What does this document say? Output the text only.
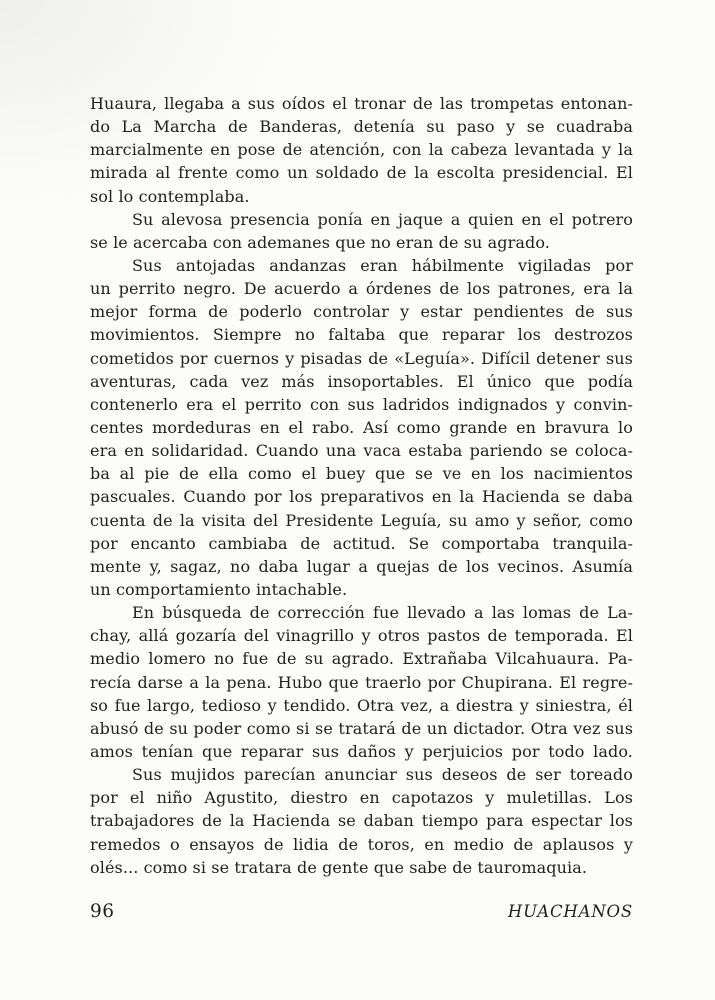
Huaura, llegaba a sus oídos el tronar de las trompetas entonan-
do La Marcha de Banderas, detenía su paso y se cuadraba
marcialmente en pose de atención, con la cabeza levantada y la
mirada al frente como un soldado de la escolta presidencial. El
sol lo contemplaba.
Su alevosa presencia ponía en jaque a quien en el potrero
se le acercaba con ademanes que no eran de su agrado.
Sus antojadas andanzas eran hábilmente vigiladas por
un perrito negro. De acuerdo a órdenes de los patrones, era la
mejor forma de poderlo controlar y estar pendientes de sus
movimientos. Siempre no faltaba que reparar los destrozos
cometidos por cuernos y pisadas de «Leguía». Difícil detener sus
aventuras, cada vez más insoportables. El único que podía
contenerlo era el perrito con sus ladridos indignados y convin-
centes mordeduras en el rabo. Así como grande en bravura lo
era en solidaridad. Cuando una vaca estaba pariendo se coloca-
ba al pie de ella como el buey que se ve en los nacimientos
pascuales. Cuando por los preparativos en la Hacienda se daba
cuenta de la visita del Presidente Leguía, su amo y señor, como
por encanto cambiaba de actitud. Se comportaba tranquila-
mente y, sagaz, no daba lugar a quejas de los vecinos. Asumía
un comportamiento intachable.
En búsqueda de corrección fue llevado a las lomas de La-
chay, allá gozaría del vinagrillo y otros pastos de temporada. El
medio lomero no fue de su agrado. Extrañaba Vilcahuaura. Pa-
recía darse a la pena. Hubo que traerlo por Chupirana. El regre-
so fue largo, tedioso y tendido. Otra vez, a diestra y siniestra, él
abusó de su poder como si se tratará de un dictador. Otra vez sus
amos tenían que reparar sus daños y perjuicios por todo lado.
Sus mujidos parecían anunciar sus deseos de ser toreado
por el niño Agustito, diestro en capotazos y muletillas. Los
trabajadores de la Hacienda se daban tiempo para espectar los
remedos o ensayos de lidia de toros, en medio de aplausos y
olés... como si se tratara de gente que sabe de tauromaquia.
96	HUACHANOS
